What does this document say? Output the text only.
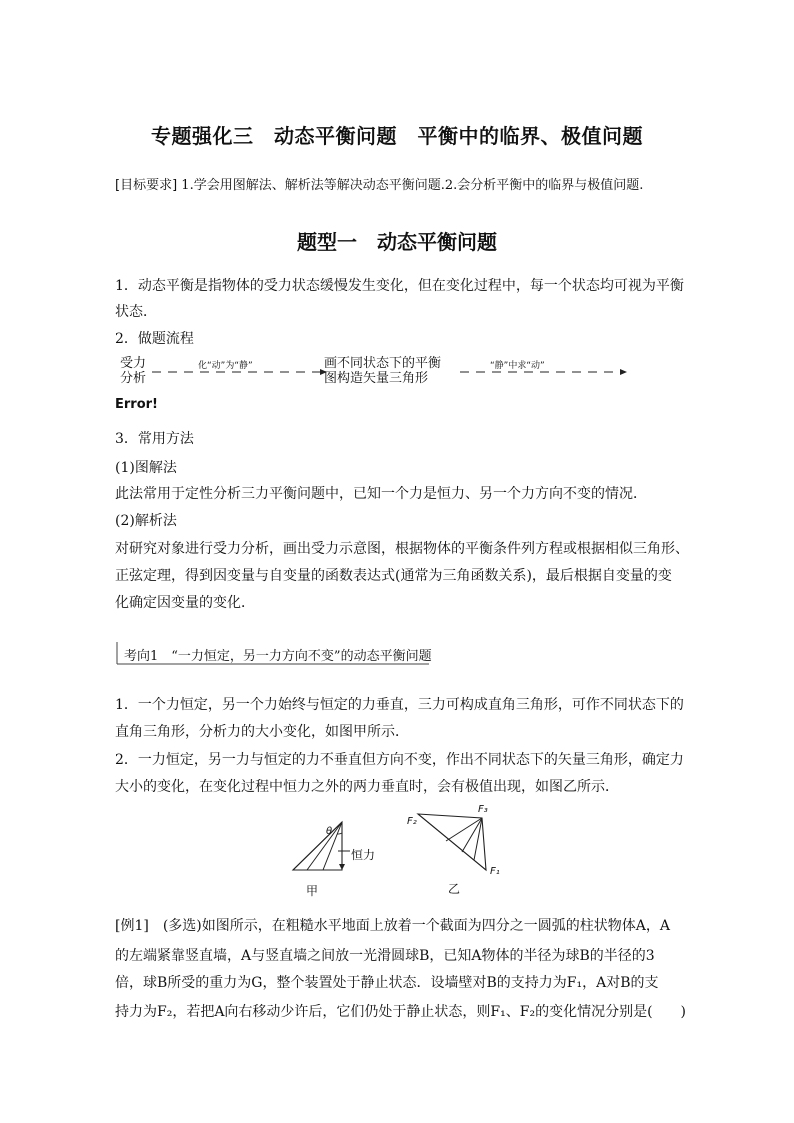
专题强化三　动态平衡问题　平衡中的临界、极值问题
[目标要求] 1.学会用图解法、解析法等解决动态平衡问题.2.会分析平衡中的临界与极值问题.
题型一　动态平衡问题
1．动态平衡是指物体的受力状态缓慢发生变化，但在变化过程中，每一个状态均可视为平衡
状态．
2．做题流程
受力
分析
化“动”为“静”	画不同状态下的平衡
图构造矢量三角形
“静”中求“动”
Error!
3．常用方法
(1)图解法
此法常用于定性分析三力平衡问题中，已知一个力是恒力、另一个力方向不变的情况．
(2)解析法
对研究对象进行受力分析，画出受力示意图，根据物体的平衡条件列方程或根据相似三角形、
正弦定理，得到因变量与自变量的函数表达式(通常为三角函数关系)，最后根据自变量的变
化确定因变量的变化．
考向1　“一力恒定，另一力方向不变”的动态平衡问题
1．一个力恒定，另一个力始终与恒定的力垂直，三力可构成直角三角形，可作不同状态下的
直角三角形，分析力的大小变化，如图甲所示．
2．一力恒定，另一力与恒定的力不垂直但方向不变，作出不同状态下的矢量三角形，确定力
大小的变化，在变化过程中恒力之外的两力垂直时，会有极值出现，如图乙所示．
θ
恒力
甲
F₃
F₂
F₁
乙
[例1]　(多选)如图所示，在粗糙水平地面上放着一个截面为四分之一圆弧的柱状物体A，A
的左端紧靠竖直墙，A与竖直墙之间放一光滑圆球B，已知A物体的半径为球B的半径的3
倍，球B所受的重力为G，整个装置处于静止状态．设墙壁对B的支持力为F₁，A对B的支
持力为F₂，若把A向右移动少许后，它们仍处于静止状态，则F₁、F₂的变化情况分别是(　　)
